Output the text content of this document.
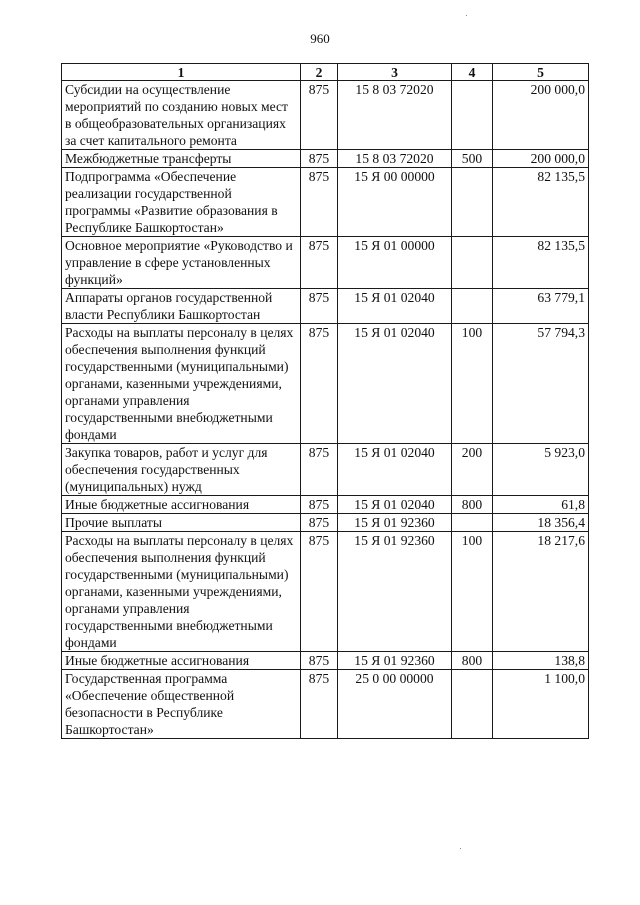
960
1	2	3	4	5
Субсидии на осуществление мероприятий по созданию новых мест в общеобразовательных организациях за счет капитального ремонта	875	15 8 03 72020		200 000,0
Межбюджетные трансферты	875	15 8 03 72020	500	200 000,0
Подпрограмма «Обеспечение реализации государственной программы «Развитие образования в Республике Башкортостан»	875	15 Я 00 00000		82 135,5
Основное мероприятие «Руководство и управление в сфере установленных функций»	875	15 Я 01 00000		82 135,5
Аппараты органов государственной власти Республики Башкортостан	875	15 Я 01 02040		63 779,1
Расходы на выплаты персоналу в целях обеспечения выполнения функций государственными (муниципальными) органами, казенными учреждениями, органами управления государственными внебюджетными фондами	875	15 Я 01 02040	100	57 794,3
Закупка товаров, работ и услуг для обеспечения государственных (муниципальных) нужд	875	15 Я 01 02040	200	5 923,0
Иные бюджетные ассигнования	875	15 Я 01 02040	800	61,8
Прочие выплаты	875	15 Я 01 92360		18 356,4
Расходы на выплаты персоналу в целях обеспечения выполнения функций государственными (муниципальными) органами, казенными учреждениями, органами управления государственными внебюджетными фондами	875	15 Я 01 92360	100	18 217,6
Иные бюджетные ассигнования	875	15 Я 01 92360	800	138,8
Государственная программа «Обеспечение общественной безопасности в Республике Башкортостан»	875	25 0 00 00000		1 100,0
